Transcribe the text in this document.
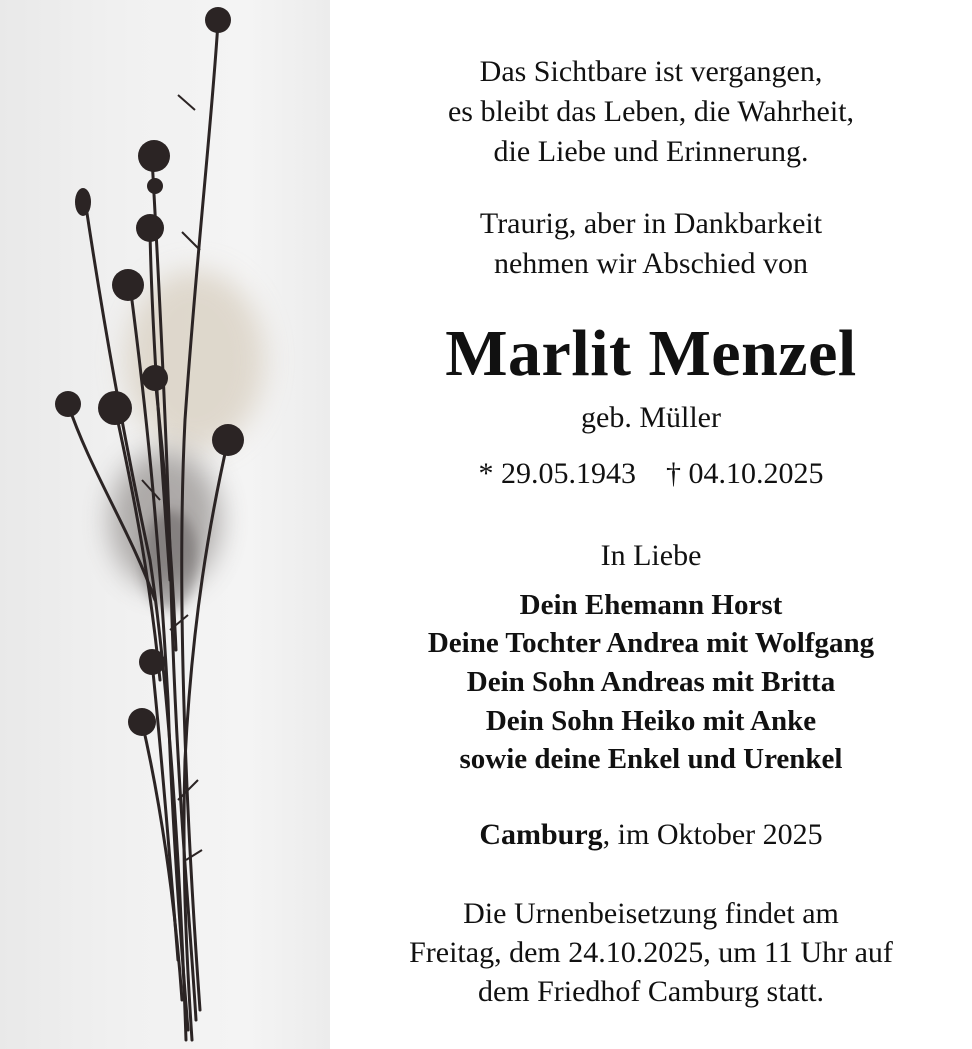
Das Sichtbare ist vergangen,
es bleibt das Leben, die Wahrheit,
die Liebe und Erinnerung.
Traurig, aber in Dankbarkeit
nehmen wir Abschied von
Marlit Menzel
geb. Müller
* 29.05.1943 † 04.10.2025
In Liebe
Dein Ehemann Horst
Deine Tochter Andrea mit Wolfgang
Dein Sohn Andreas mit Britta
Dein Sohn Heiko mit Anke
sowie deine Enkel und Urenkel
Camburg, im Oktober 2025
Die Urnenbeisetzung findet am
Freitag, dem 24.10.2025, um 11 Uhr auf
dem Friedhof Camburg statt.
